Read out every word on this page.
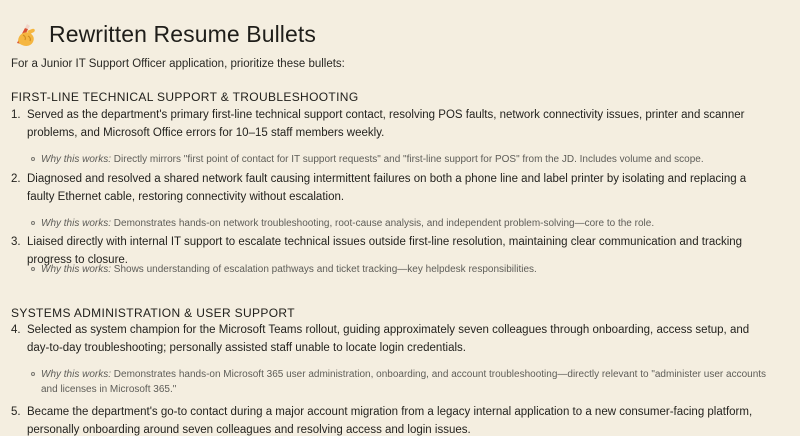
Rewritten Resume Bullets

For a Junior IT Support Officer application, prioritize these bullets:

FIRST-LINE TECHNICAL SUPPORT & TROUBLESHOOTING
1. Served as the department's primary first-line technical support contact, resolving POS faults, network connectivity issues, printer and scanner problems, and Microsoft Office errors for 10–15 staff members weekly.
Why this works: Directly mirrors "first point of contact for IT support requests" and "first-line support for POS" from the JD. Includes volume and scope.
2. Diagnosed and resolved a shared network fault causing intermittent failures on both a phone line and label printer by isolating and replacing a faulty Ethernet cable, restoring connectivity without escalation.
Why this works: Demonstrates hands-on network troubleshooting, root-cause analysis, and independent problem-solving—core to the role.
3. Liaised directly with internal IT support to escalate technical issues outside first-line resolution, maintaining clear communication and tracking progress to closure.
Why this works: Shows understanding of escalation pathways and ticket tracking—key helpdesk responsibilities.
SYSTEMS ADMINISTRATION & USER SUPPORT
4. Selected as system champion for the Microsoft Teams rollout, guiding approximately seven colleagues through onboarding, access setup, and day-to-day troubleshooting; personally assisted staff unable to locate login credentials.
Why this works: Demonstrates hands-on Microsoft 365 user administration, onboarding, and account troubleshooting—directly relevant to "administer user accounts and licenses in Microsoft 365."
5. Became the department's go-to contact during a major account migration from a legacy internal application to a new consumer-facing platform, personally onboarding around seven colleagues and resolving access and login issues.
